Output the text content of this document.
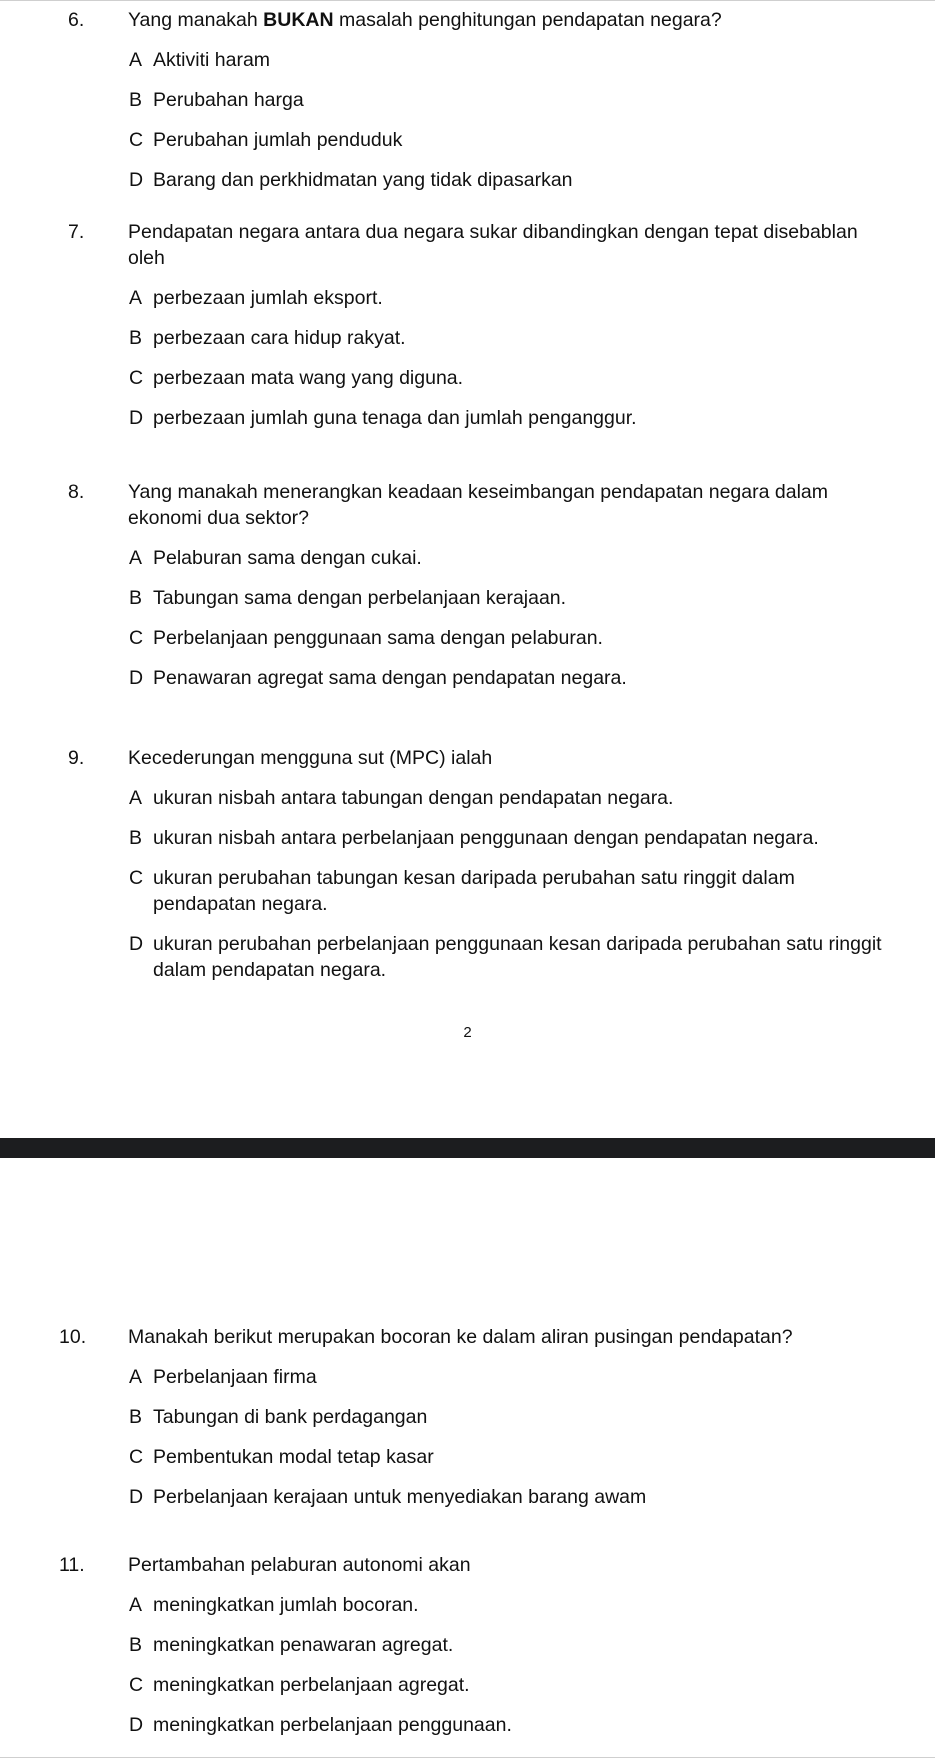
6. Yang manakah BUKAN masalah penghitungan pendapatan negara?
A Aktiviti haram
B Perubahan harga
C Perubahan jumlah penduduk
D Barang dan perkhidmatan yang tidak dipasarkan
7. Pendapatan negara antara dua negara sukar dibandingkan dengan tepat disebablan oleh
A perbezaan jumlah eksport.
B perbezaan cara hidup rakyat.
C perbezaan mata wang yang diguna.
D perbezaan jumlah guna tenaga dan jumlah penganggur.
8. Yang manakah menerangkan keadaan keseimbangan pendapatan negara dalam ekonomi dua sektor?
A Pelaburan sama dengan cukai.
B Tabungan sama dengan perbelanjaan kerajaan.
C Perbelanjaan penggunaan sama dengan pelaburan.
D Penawaran agregat sama dengan pendapatan negara.
9. Kecederungan mengguna sut (MPC) ialah
A ukuran nisbah antara tabungan dengan pendapatan negara.
B ukuran nisbah antara perbelanjaan penggunaan dengan pendapatan negara.
C ukuran perubahan tabungan kesan daripada perubahan satu ringgit dalam pendapatan negara.
D ukuran perubahan perbelanjaan penggunaan kesan daripada perubahan satu ringgit dalam pendapatan negara.
2
10. Manakah berikut merupakan bocoran ke dalam aliran pusingan pendapatan?
A Perbelanjaan firma
B Tabungan di bank perdagangan
C Pembentukan modal tetap kasar
D Perbelanjaan kerajaan untuk menyediakan barang awam
11. Pertambahan pelaburan autonomi akan
A meningkatkan jumlah bocoran.
B meningkatkan penawaran agregat.
C meningkatkan perbelanjaan agregat.
D meningkatkan perbelanjaan penggunaan.
